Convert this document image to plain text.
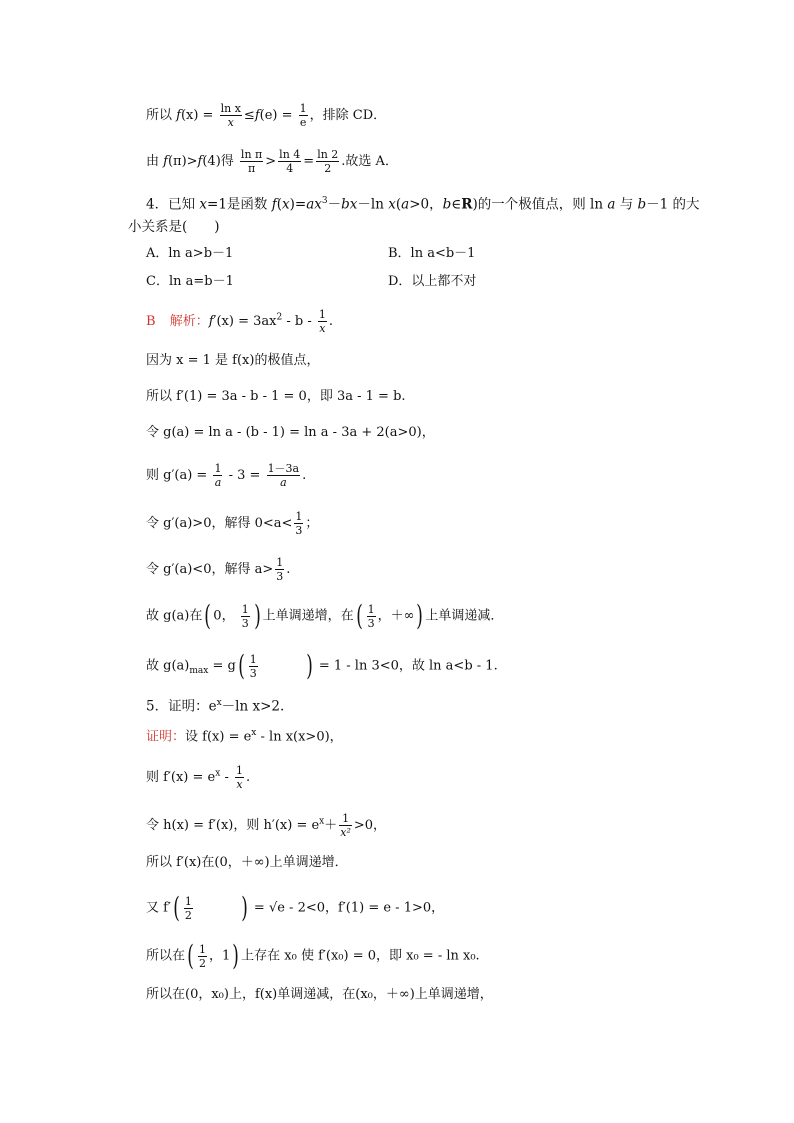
所以 $f(x) = \frac{\text{ln x}}{x} \le f(e) = \frac{1}{e}$ ，排除 CD．
由 f(π)>f(4)得 $\frac{\text{ln π}}{\pi} > \frac{\ln 4}{4} = \frac{\ln 2}{2}$ .故选 A．
4．已知 x=1是函数 $f(x)=ax^3-bx-\ln$ x(a>0，b∈R)的一个极值点，则 ln a 与 b－1 的大
小关系是(　　)
A．ln a>b－1	B．ln a<b－1
C．ln a=b－1	D．以上都不对
B 解析：$f'(x) = 3ax^2 - b - \frac{1}{x}$ .
因为 x = 1 是 f(x)的极值点，
所以 f′(1) = 3a - b - 1 = 0，即 3a - 1 = b.
令 g(a) = ln a - (b - 1) = ln a - 3a + 2(a>0)，
则 $g'(a) = \frac{1}{a} - 3 = \frac{1-3a}{a}$ .
令 g′(a)>0，解得 $0<a< \frac{1}{3}$ ；
令 g′(a)<0，解得 $a> \frac{1}{3}$ .
故 g(a)在( 0， $\frac{1}{3}$ ) 上单调递增，在( $\frac{1}{3}$ ，＋∞) 上单调递减．
故 $g(a)_{max} = g( \frac{1}{3}$ ) = 1 - ln 3<0，故 ln a<b - 1.
5．证明：$e^x-\ln$ x>2.
证明：设 $f(x) = e^x - \ln x(x>0)$，
则 $f'(x) = e^x - \frac{1}{x}$ .
令 h(x) = f′(x)，则 $h'(x) = e^x+ \frac{1}{\text{x²}} >0$，
所以 f′(x)在(0，＋∞)上单调递增．
又 $f'( \frac{1}{2}$ ) = √e - 2<0，f′(1) = e - 1>0，
所以在( $\frac{1}{2}$ ，1) 上存在 x₀ 使 f′(x₀) = 0，即 x₀ = - ln x₀.
所以在(0，x₀)上，f(x)单调递减，在(x₀，＋∞)上单调递增，
